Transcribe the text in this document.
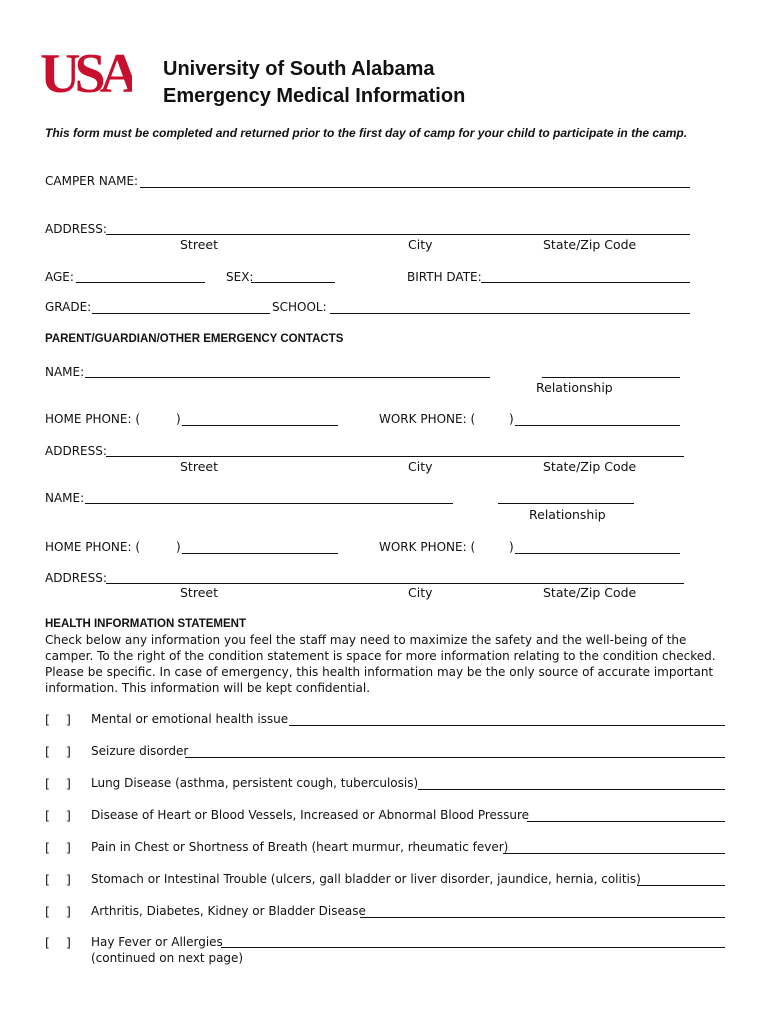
USA	University of South Alabama
Emergency Medical Information
This form must be completed and returned prior to the first day of camp for your child to participate in the camp.
CAMPER NAME:
ADDRESS:
Street	City	State/Zip Code
AGE:	SEX:	BIRTH DATE:
GRADE:	SCHOOL:
PARENT/GUARDIAN/OTHER EMERGENCY CONTACTS
NAME:
Relationship
HOME PHONE: (	)	WORK PHONE: (	)
ADDRESS:
Street	City	State/Zip Code
NAME:
Relationship
HOME PHONE: (	)	WORK PHONE: (	)
ADDRESS:
Street	City	State/Zip Code
HEALTH INFORMATION STATEMENT
Check below any information you feel the staff may need to maximize the safety and the well-being of the camper. To the right of the condition statement is space for more information relating to the condition checked. Please be specific. In case of emergency, this health information may be the only source of accurate important information. This information will be kept confidential.
[ ] Mental or emotional health issue
[ ] Seizure disorder
[ ] Lung Disease (asthma, persistent cough, tuberculosis)
[ ] Disease of Heart or Blood Vessels, Increased or Abnormal Blood Pressure
[ ] Pain in Chest or Shortness of Breath (heart murmur, rheumatic fever)
[ ] Stomach or Intestinal Trouble (ulcers, gall bladder or liver disorder, jaundice, hernia, colitis)
[ ] Arthritis, Diabetes, Kidney or Bladder Disease
[ ] Hay Fever or Allergies
(continued on next page)
